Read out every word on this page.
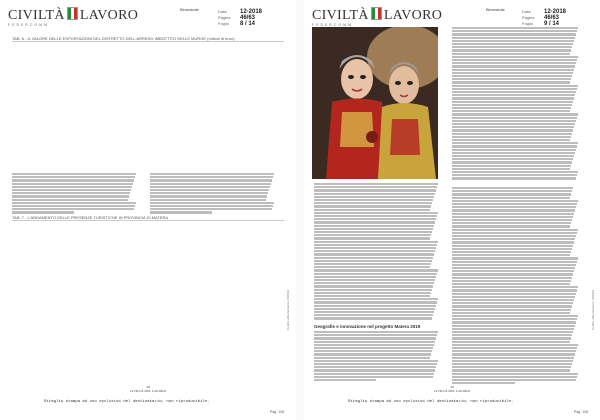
CIVILTÀ LAVORO
FEDERCOMM
Bimestrale	Data 12-2018
Pagina 46/63
Foglio 8 / 14
TAB. 6 - IL VALORE DELLE ESPORTAZIONI DEL DISTRETTO DELL'ARREDO IMBOTTITO DELLE MURGE (milioni di euro)
TAB. 7 - L'ANDAMENTO DELLE PRESENZE TURISTICHE IN PROVINCIA DI MATERA
38
CIVILTÀ DEL LAVORO
Ritaglio stampa ad uso esclusivo del destinatario, non riproducibile.
Pag. 106
Codice abbonamento: 066619
CIVILTÀ LAVORO
FEDERCOMM
Bimestrale	Data 12-2018
Pagina 46/63
Foglio 9 / 14
Geografie e innovazione nel progetto Matera 2019
39
CIVILTÀ DEL LAVORO
Ritaglio stampa ad uso esclusivo del destinatario, non riproducibile.
Pag. 106
Codice abbonamento: 066619
